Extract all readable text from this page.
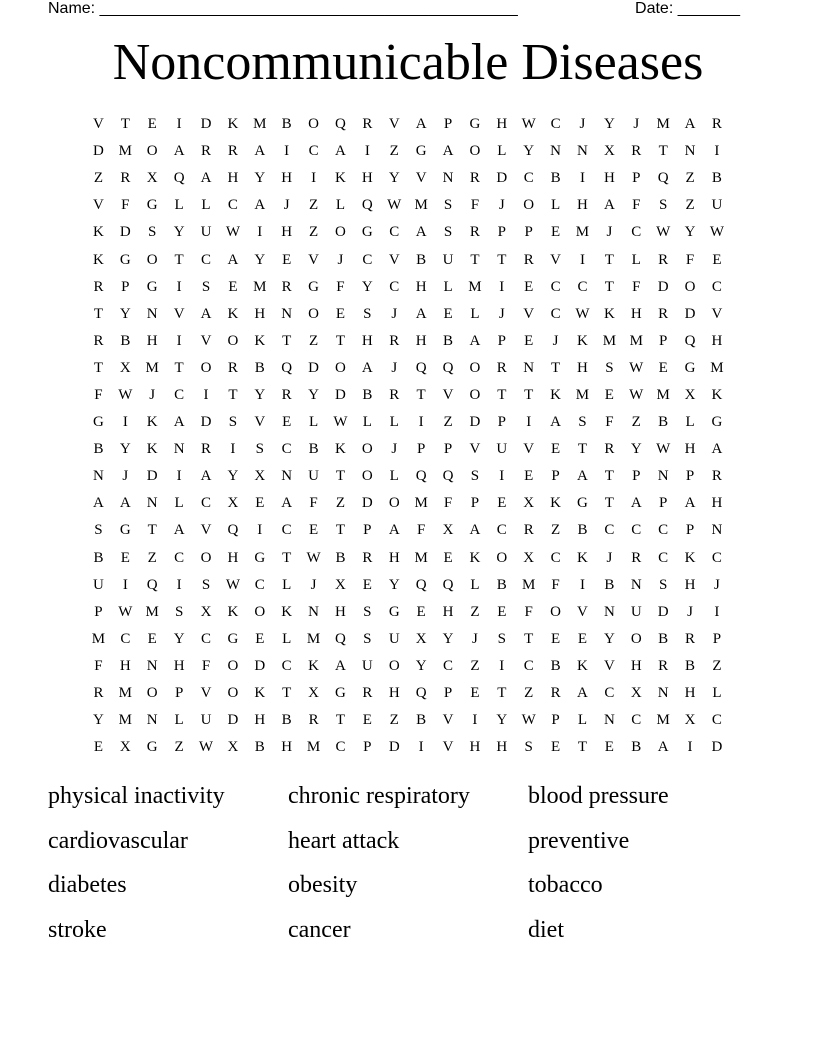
Name: _______________________________________________	Date: _______
Noncommunicable Diseases
V	T	E	I	D	K M	B	O	Q	R	V	A	P	G	H W C	J	Y	J	M A	R
D M O	A	R	R	A	I	C	A	I	Z	G	A	O	L	Y	N	N	X	R	T	N	I
Z	R	X	Q	A	H	Y	H	I	K	H	Y	V	N	R	D	C	B	I	H	P	Q	Z	B
V	F	G	L	L	C	A	J	Z	L	Q W M	S	F	J	O	L	H	A	F	S	Z	U
K	D	S	Y	U W	I	H	Z	O	G	C	A	S	R	P	P	E	M	J	C W Y W
K	G	O	T	C	A	Y	E	V	J	C	V	B	U	T	T	R	V	I	T	L	R	F	E
R	P	G	I	S	E	M	R	G	F	Y	C	H	L	M	I	E	C	C	T	F	D	O	C
T	Y	N	V	A	K	H	N	O	E	S	J	A	E	L	J	V	C W K	H	R	D	V
R	B	H	I	V	O	K	T	Z	T	H	R	H	B	A	P	E	J	K M M	P	Q	H
T	X M	T	O	R	B	Q	D	O	A	J	Q	Q	O	R	N	T	H	S	W	E	G M
F	W	J	C	I	T	Y	R	Y	D	B	R	T	V	O	T	T	K M	E	W M X	K
G	I	K	A	D	S	V	E	L	W	L	L	I	Z	D	P	I	A	S	F	Z	B	L	G
B	Y	K	N	R	I	S	C	B	K	O	J	P	P	V	U	V	E	T	R	Y W H	A
N	J	D	I	A	Y	X	N	U	T	O	L	Q	Q	S	I	E	P	A	T	P	N	P	R
A	A	N	L	C	X	E	A	F	Z	D	O M	F	P	E	X	K	G	T	A	P	A	H
S	G	T	A	V	Q	I	C	E	T	P	A	F	X	A	C	R	Z	B	C	C	C	P	N
B	E	Z	C	O	H	G	T	W B	R	H M	E	K	O	X	C	K	J	R	C	K	C
U	I	Q	I	S	W C	L	J	X	E	Y	Q	Q	L	B	M	F	I	B	N	S	H	J
P	W M	S	X	K	O	K	N	H	S	G	E	H	Z	E	F	O	V	N	U	D	J	I
M	C	E	Y	C	G	E	L	M Q	S	U	X	Y	J	S	T	E	E	Y	O	B	R	P
F	H	N	H	F	O	D	C	K	A	U	O	Y	C	Z	I	C	B	K	V	H	R	B	Z
R	M O	P	V	O	K	T	X	G	R	H	Q	P	E	T	Z	R	A	C	X	N	H	L
Y M N	L	U	D	H	B	R	T	E	Z	B	V	I	Y W	P	L	N	C	M X	C
E	X	G	Z	W X	B	H M	C	P	D	I	V	H	H	S	E	T	E	B	A	I	D
physical inactivity	chronic respiratory	blood pressure
cardiovascular	heart attack	preventive
diabetes	obesity	tobacco
stroke	cancer	diet
